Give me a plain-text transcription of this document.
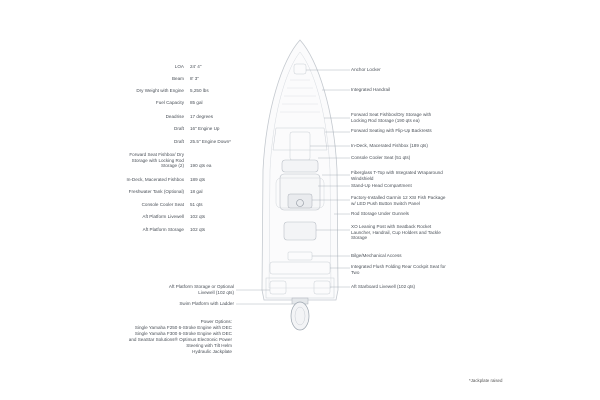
LOA 24' 4"
Beam 8' 3"
Dry Weight with Engine 5,250 lbs
Fuel Capacity 85 gal
Deadrise 17 degrees
Draft 16" Engine Up
Draft 25.5" Engine Down*
Forward Seat Fishbox/ Dry Storage with Locking Rod Storage (2) 190 qts ea
In-Deck, Macerated Fishbox 189 qts
Freshwater Tank (Optional) 18 gal
Console Cooler Seat 51 qts
Aft Platform Livewell 102 qts
Aft Platform Storage 102 qts
Anchor Locker
Integrated Handrail
Forward Seat Fishbox/Dry Storage with Locking Rod Storage (190 qts ea)
Forward Seating with Flip-Up Backrests
In-Deck, Macerated Fishbox (189 qts)
Console Cooler Seat (51 qts)
Fiberglass T-Top with Integrated Wraparound Windshield
Stand-Up Head Compartment
Factory-Installed Garmin 12 XSI Fish Package w/ LED Push Button Switch Panel
Rod Storage Under Gunnels
XO Leaning Post with Seatback Rocket Launcher, Handrail, Cup Holders and Tackle Storage
Bilge/Mechanical Access
Integrated Flush Folding Rear Cockpit Seat for Two
Aft Starboard Livewell (102 qts)
Aft Platform Storage or Optional Livewell (102 qts)
Swim Platform with Ladder
Power Options:
Single Yamaha F250 6-Stroke Engine with DEC
Single Yamaha F300 6-Stroke Engine with DEC and SeaStar Solutions® Optimus Electronic Power Steering with Tilt Helm
Hydraulic Jackplate
*Jackplate raised
